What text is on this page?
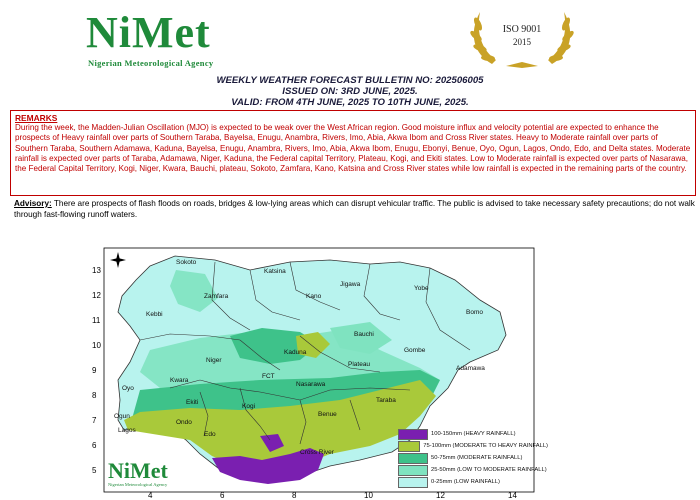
NiMet
Nigerian Meteorological Agency
ISO 9001
2015
WEEKLY WEATHER FORECAST BULLETIN NO: 202506005
ISSUED ON: 3RD JUNE, 2025.
VALID: FROM 4TH JUNE, 2025 TO 10TH JUNE, 2025.
REMARKS
During the week, the Madden-Julian Oscillation (MJO) is expected to be weak over the West African region. Good moisture influx and velocity potential are expected to enhance the prospects of Heavy rainfall over parts of Southern Taraba, Bayelsa, Enugu, Anambra, Rivers, Imo, Abia, Akwa Ibom and Cross River states. Heavy to Moderate rainfall over parts of Southern Taraba, Southern Adamawa, Kaduna, Bayelsa, Enugu, Anambra, Rivers, Imo, Abia, Akwa Ibom, Enugu, Ebonyi, Benue, Oyo, Ogun, Lagos, Ondo, Edo, and Delta states. Moderate rainfall is expected over parts of Taraba, Adamawa, Niger, Kaduna, the Federal capital Territory, Plateau, Kogi, and Ekiti states. Low to Moderate rainfall is expected over parts of Nasarawa, the Federal Capital Territory, Kogi, Niger, Kwara, Bauchi, plateau, Sokoto, Zamfara, Kano, Katsina and Cross River states while low rainfall is expected in the remaining parts of the country.
Advisory: There are prospects of flash floods on roads, bridges & low-lying areas which can disrupt vehicular traffic. The public is advised to take necessary safety precautions; do not walk through fast-flowing runoff waters.
13
12
11
10
9
8
7
6
5
Sokoto
Katsina
Jigawa
Yobe
Zamfara	Kano
Kebbi	Bomo
Bauchi
Kaduna
Niger
Gombe
Plateau
FCT
Adamawa
Nasarawa
Kwara
Oyo
Taraba
Ekiti
Kogi
Benue
Ogun
Ondo
Lagos
Edo
Cross River
4	6	8	10	12	14
100-150mm (HEAVY RAINFALL)
75-100mm (MODERATE TO HEAVY RAINFALL)
50-75mm (MODERATE RAINFALL)
25-50mm (LOW TO MODERATE RAINFALL)
0-25mm (LOW RAINFALL)
NiMet
Nigerian Meteorological Agency
